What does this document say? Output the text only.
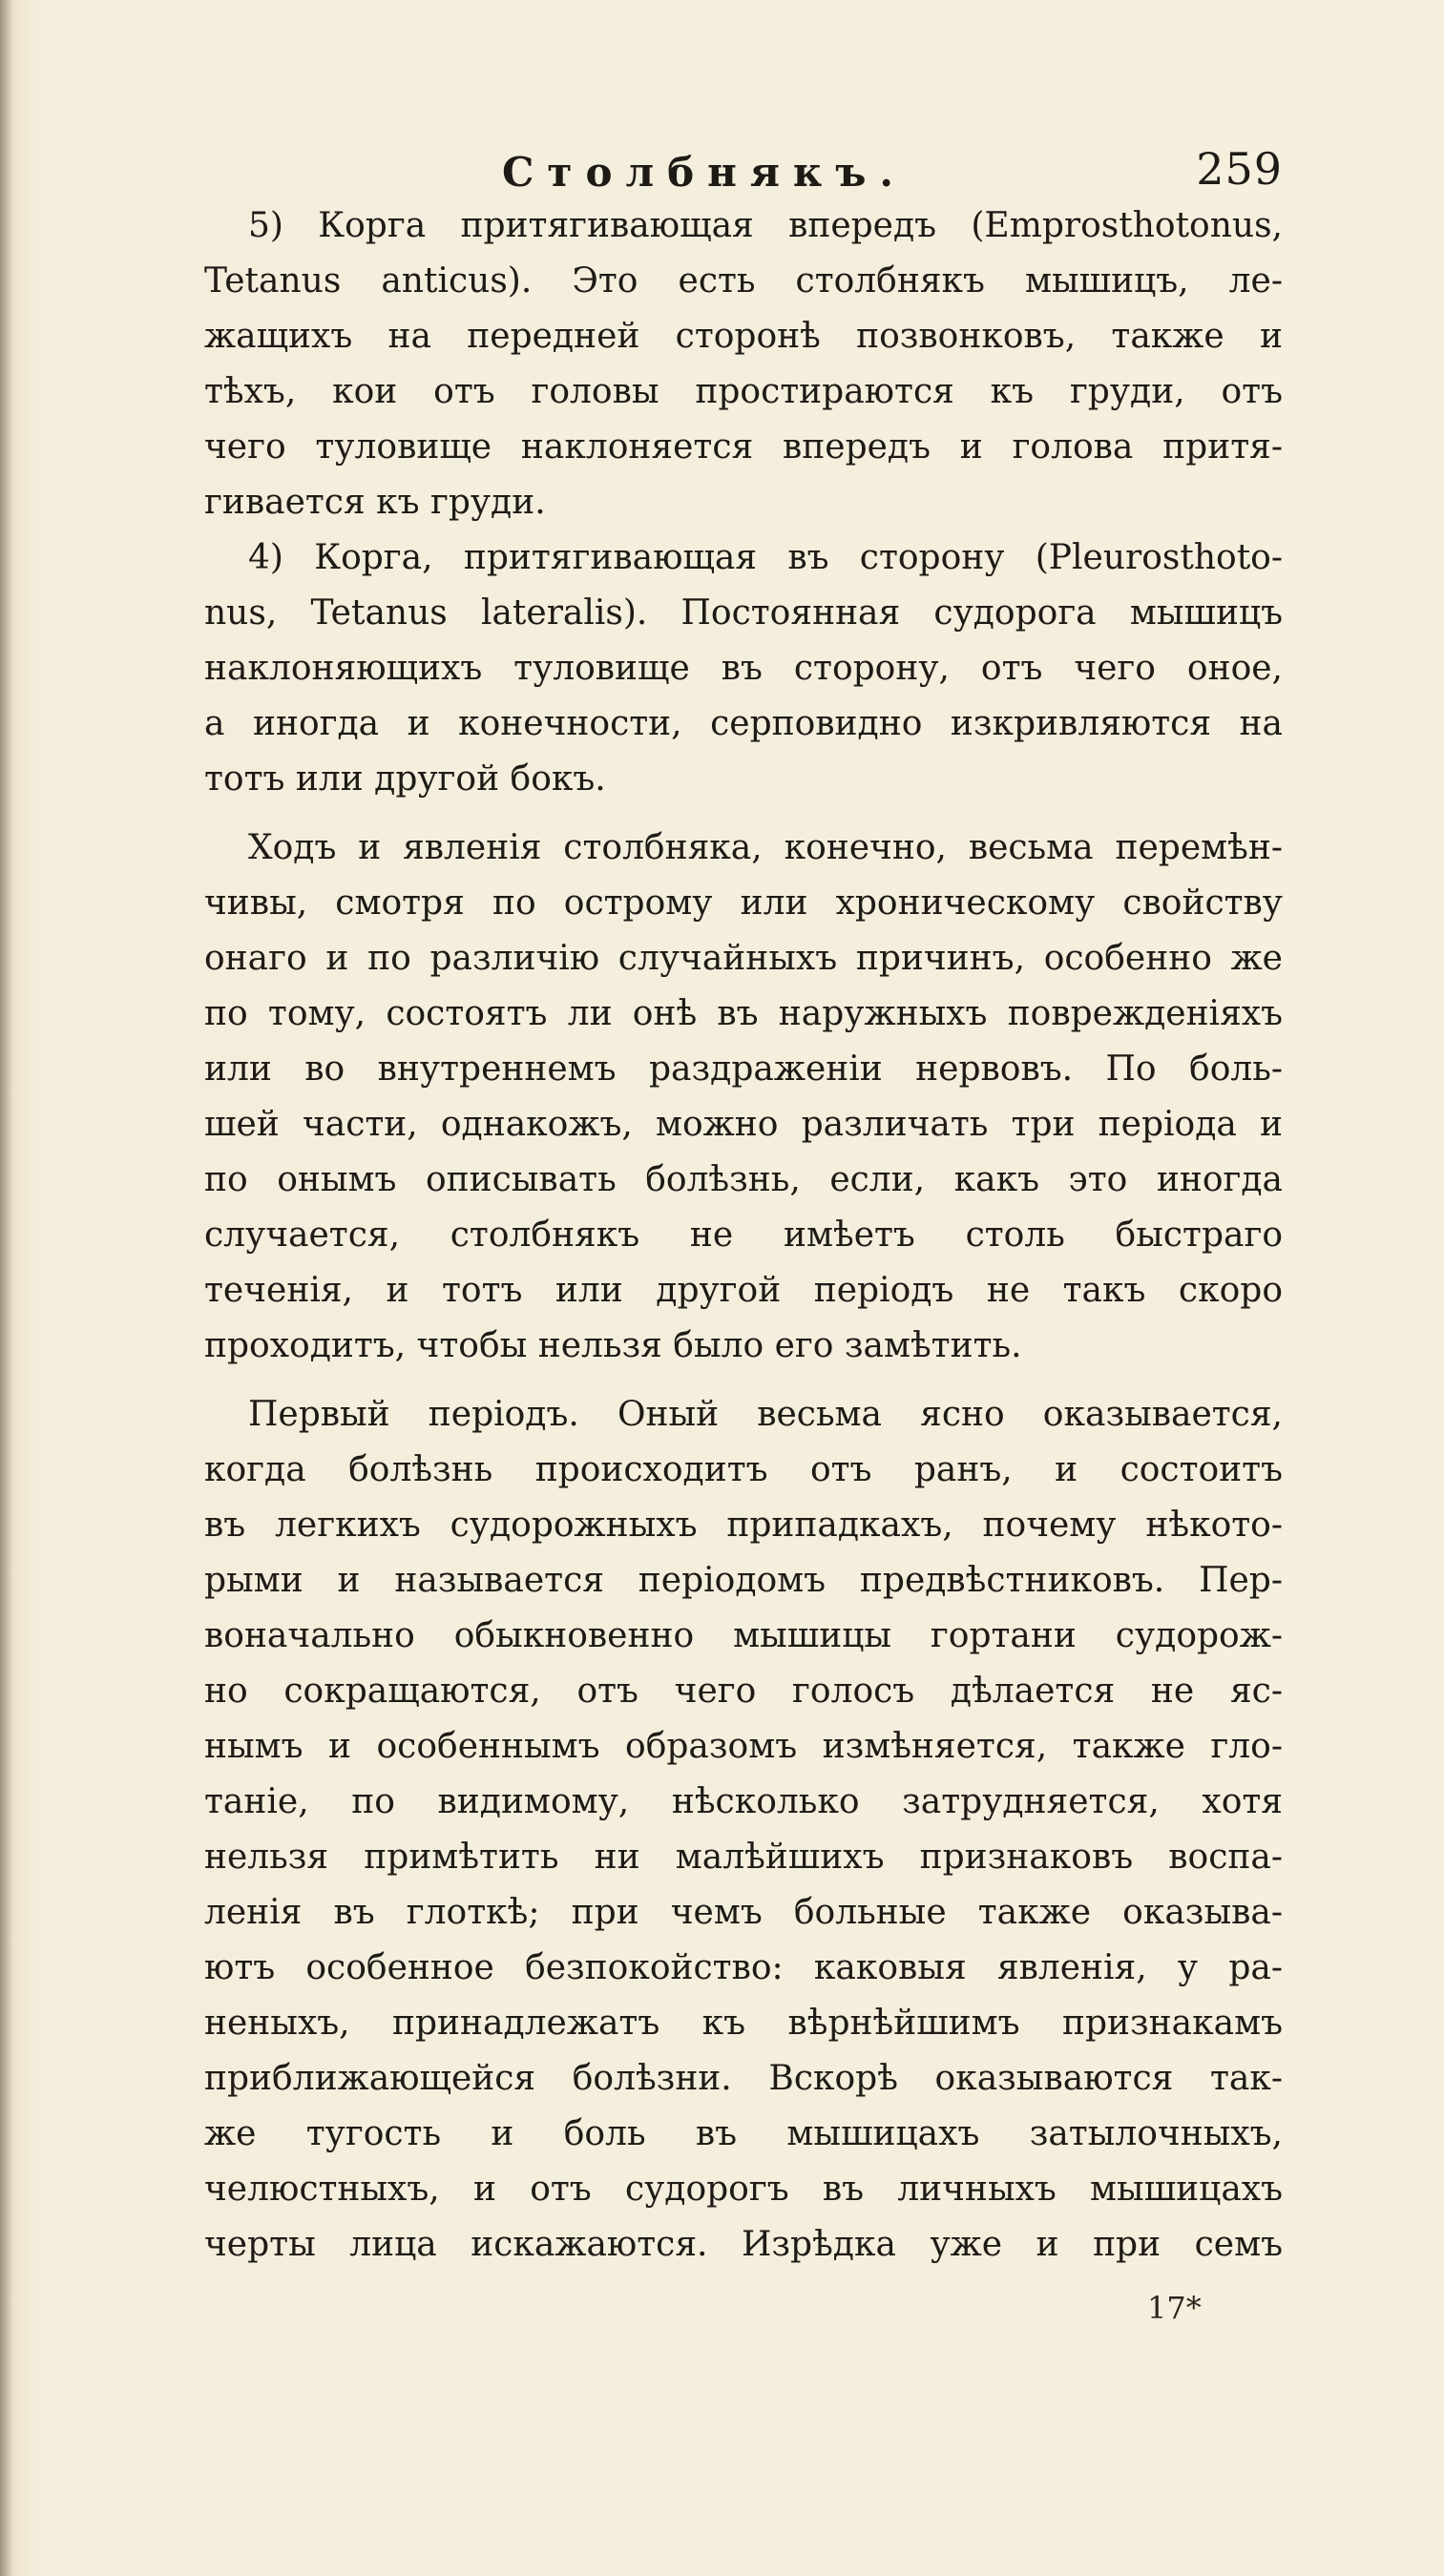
Столбнякъ.	259
5) Корга притягивающая впередъ (Emprosthotonus,
Tetanus anticus). Это есть столбнякъ мышицъ, ле-
жащихъ на передней сторонѣ позвонковъ, также и
тѣхъ, кои отъ головы простираются къ груди, отъ
чего туловище наклоняется впередъ и голова притя-
гивается къ груди.
4) Корга, притягивающая въ сторону (Pleurosthoto-
nus, Tetanus lateralis). Постоянная судорога мышицъ
наклоняющихъ туловище въ сторону, отъ чего оное,
а иногда и конечности, серповидно изкривляются на
тотъ или другой бокъ.
Ходъ и явленія столбняка, конечно, весьма перемѣн-
чивы, смотря по острому или хроническому свойству
онаго и по различію случайныхъ причинъ, особенно же
по тому, состоятъ ли онѣ въ наружныхъ поврежденіяхъ
или во внутреннемъ раздраженіи нервовъ. По боль-
шей части, однакожъ, можно различать три періода и
по онымъ описывать болѣзнь, если, какъ это иногда
случается, столбнякъ не имѣетъ столь быстраго
теченія, и тотъ или другой періодъ не такъ скоро
проходитъ, чтобы нельзя было его замѣтить.
Первый періодъ. Оный весьма ясно оказывается,
когда болѣзнь происходитъ отъ ранъ, и состоитъ
въ легкихъ судорожныхъ припадкахъ, почему нѣкото-
рыми и называется періодомъ предвѣстниковъ. Пер-
воначально обыкновенно мышицы гортани судорож-
но сокращаются, отъ чего голосъ дѣлается не яс-
нымъ и особеннымъ образомъ измѣняется, также гло-
таніе, по видимому, нѣсколько затрудняется, хотя
нельзя примѣтить ни малѣйшихъ признаковъ воспа-
ленія въ глоткѣ; при чемъ больные также оказыва-
ютъ особенное безпокойство: каковыя явленія, у ра-
неныхъ, принадлежатъ къ вѣрнѣйшимъ признакамъ
приближающейся болѣзни. Вскорѣ оказываются так-
же тугость и боль въ мышицахъ затылочныхъ,
челюстныхъ, и отъ судорогъ въ личныхъ мышицахъ
черты лица искажаются. Изрѣдка уже и при семъ
17*
